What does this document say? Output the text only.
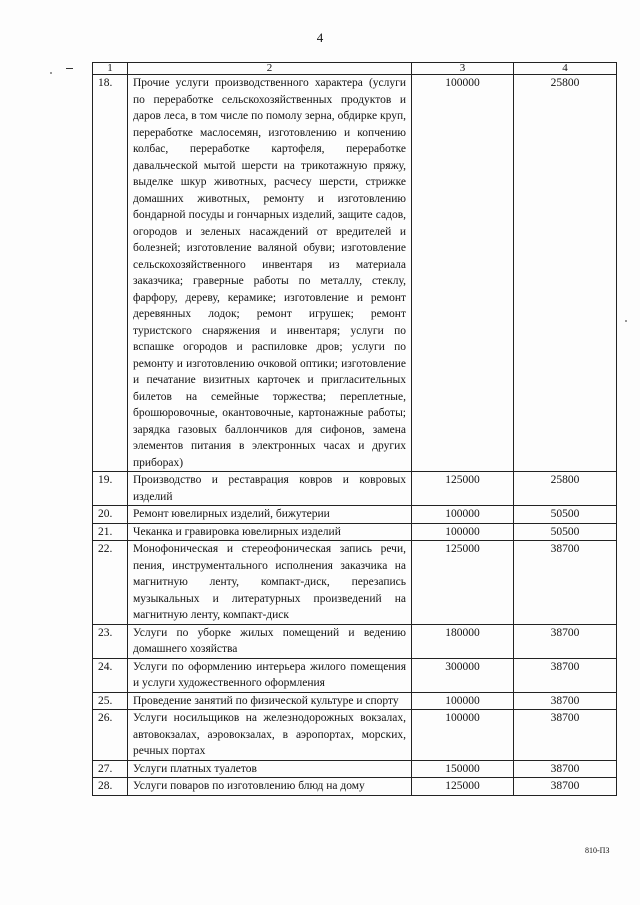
4
1	2	3	4
18.	Прочие услуги производственного характера (услуги по переработке сельскохозяйственных продуктов и даров леса, в том числе по помолу зерна, обдирке круп, переработке маслосемян, изготовлению и копчению колбас, переработке картофеля, переработке давальческой мытой шерсти на трикотажную пряжу, выделке шкур животных, расчесу шерсти, стрижке домашних животных, ремонту и изготовлению бондарной посуды и гончарных изделий, защите садов, огородов и зеленых насаждений от вредителей и болезней; изготовление валяной обуви; изготовление сельскохозяйственного инвентаря из материала заказчика; граверные работы по металлу, стеклу, фарфору, дереву, керамике; изготовление и ремонт деревянных лодок; ремонт игрушек; ремонт туристского снаряжения и инвентаря; услуги по вспашке огородов и распиловке дров; услуги по ремонту и изготовлению очковой оптики; изготовление и печатание визитных карточек и пригласительных билетов на семейные торжества; переплетные, брошюровочные, окантовочные, картонажные работы; зарядка газовых баллончиков для сифонов, замена элементов питания в электронных часах и других приборах)	100000	25800
19.	Производство и реставрация ковров и ковровых изделий	125000	25800
20.	Ремонт ювелирных изделий, бижутерии	100000	50500
21.	Чеканка и гравировка ювелирных изделий	100000	50500
22.	Монофоническая и стереофоническая запись речи, пения, инструментального исполнения заказчика на магнитную ленту, компакт-диск, перезапись музыкальных и литературных произведений на магнитную ленту, компакт-диск	125000	38700
23.	Услуги по уборке жилых помещений и ведению домашнего хозяйства	180000	38700
24.	Услуги по оформлению интерьера жилого помещения и услуги художественного оформления	300000	38700
25.	Проведение занятий по физической культуре и спорту	100000	38700
26.	Услуги носильщиков на железнодорожных вокзалах, автовокзалах, аэровокзалах, в аэропортах, морских, речных портах	100000	38700
27.	Услуги платных туалетов	150000	38700
28.	Услуги поваров по изготовлению блюд на дому	125000	38700
810-ПЗ
